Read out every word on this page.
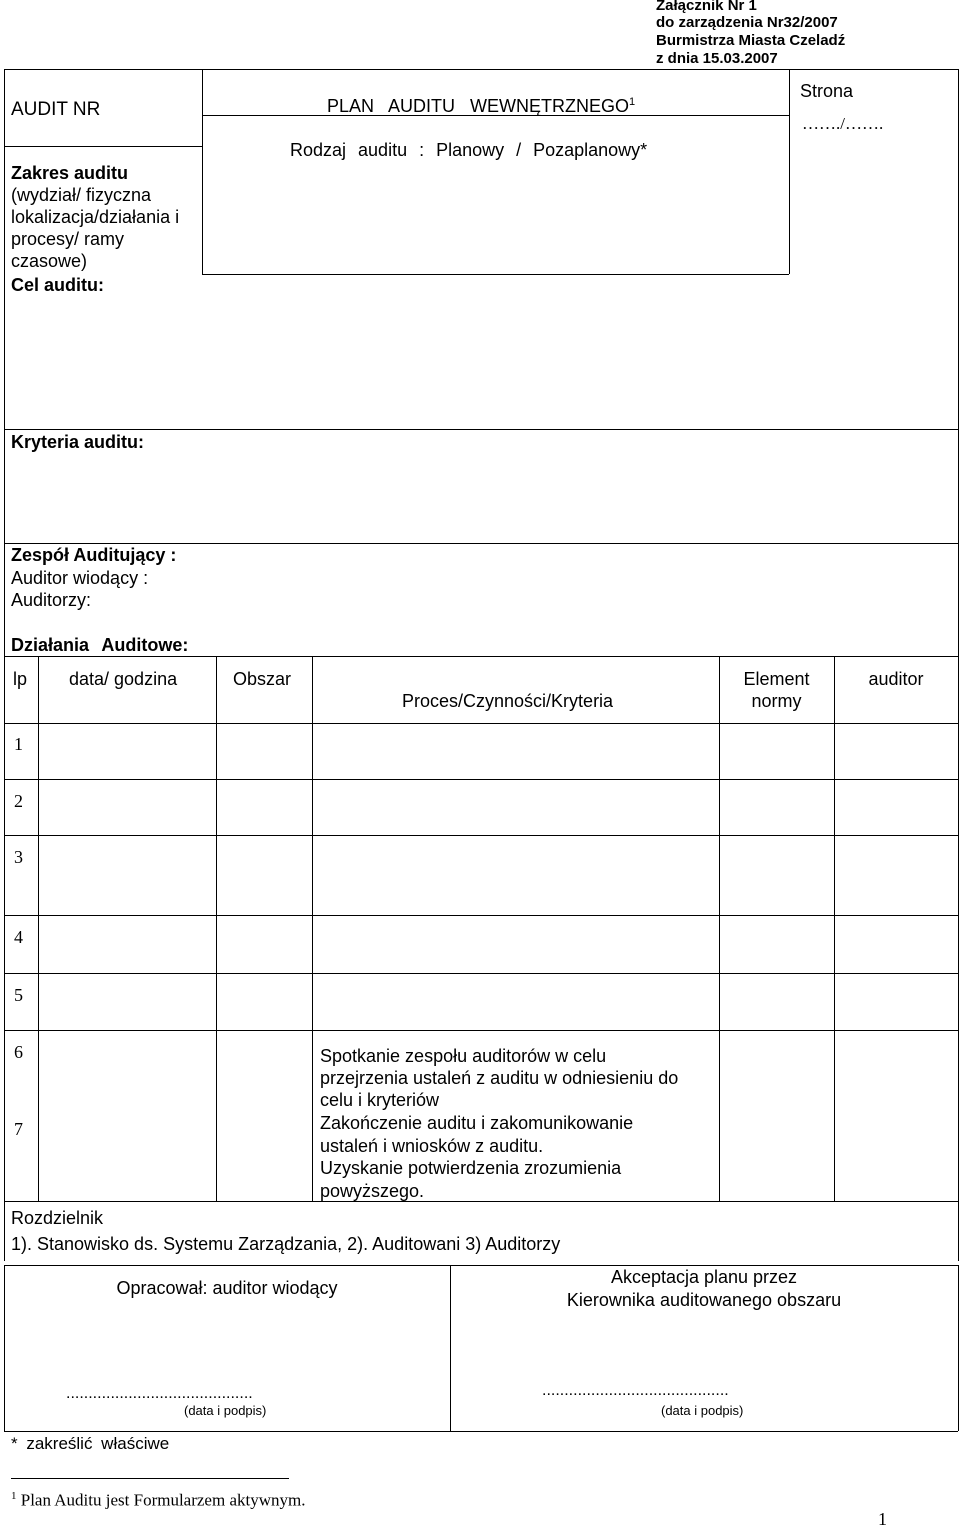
Załącznik Nr 1
do zarządzenia Nr32/2007
Burmistrza Miasta Czeladź
z dnia 15.03.2007
AUDIT NR	PLAN AUDITU WEWNĘTRZNEGO$^1$
Rodzaj auditu : Planowy / Pozaplanowy*
Strona
……./…….
Zakres auditu
(wydział/ fizyczna
lokalizacja/działania i
procesy/ ramy
czasowe)
Cel auditu:
Kryteria auditu:
Zespół Auditujący :
Auditor wiodący :
Auditorzy:
Działania Auditowe:
lp data/ godzina	Obszar
Proces/Czynności/Kryteria
Element
normy
auditor
1
2
3
4
5
6
7
Spotkanie zespołu auditorów w celu
przejrzenia ustaleń z auditu w odniesieniu do
celu i kryteriów
Zakończenie auditu i zakomunikowanie
ustaleń i wniosków z auditu.
Uzyskanie potwierdzenia zrozumienia
powyższego.
Rozdzielnik
1). Stanowisko ds. Systemu Zarządzania, 2). Auditowani 3) Auditorzy
Opracował: auditor wiodący
Akceptacja planu przez
Kierownika auditowanego obszaru
..........................................
(data i podpis)
..........................................
(data i podpis)
* zakreślić właściwe
$^1$ Plan Auditu jest Formularzem aktywnym.
1
